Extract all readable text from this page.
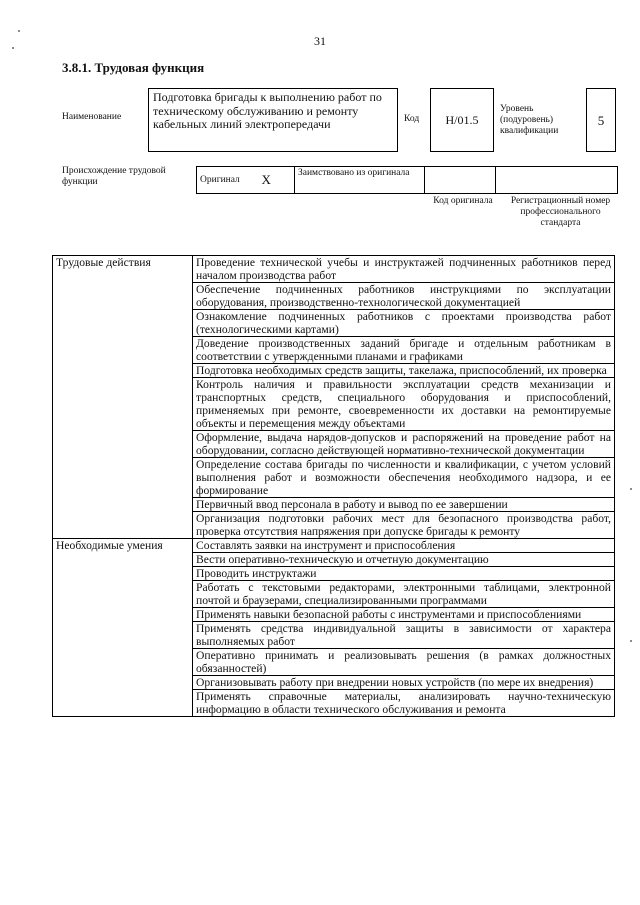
31
3.8.1. Трудовая функция
Наименование
Подготовка бригады к выполнению работ по техническому обслуживанию и ремонту кабельных линий электропередачи	Код	H/01.5
Уровень (подуровень) квалификации
5
Происхождение трудовой функции	Оригинал	X	Заимствовано из оригинала		
Код оригинала	Регистрационный номер профессионального стандарта
Трудовые действия	Проведение технической учебы и инструктажей подчиненных работников перед началом производства работ
	Обеспечение подчиненных работников инструкциями по эксплуатации оборудования, производственно-технологической документацией
	Ознакомление подчиненных работников с проектами производства работ (технологическими картами)
	Доведение производственных заданий бригаде и отдельным работникам в соответствии с утвержденными планами и графиками
	Подготовка необходимых средств защиты, такелажа, приспособлений, их проверка
	Контроль наличия и правильности эксплуатации средств механизации и транспортных средств, специального оборудования и приспособлений, применяемых при ремонте, своевременности их доставки на ремонтируемые объекты и перемещения между объектами
	Оформление, выдача нарядов-допусков и распоряжений на проведение работ на оборудовании, согласно действующей нормативно-технической документации
	Определение состава бригады по численности и квалификации, с учетом условий выполнения работ и возможности обеспечения необходимого надзора, и ее формирование
	Первичный ввод персонала в работу и вывод по ее завершении
	Организация подготовки рабочих мест для безопасного производства работ, проверка отсутствия напряжения при допуске бригады к ремонту
Необходимые умения	Составлять заявки на инструмент и приспособления
	Вести оперативно-техническую и отчетную документацию
	Проводить инструктажи
	Работать с текстовыми редакторами, электронными таблицами, электронной почтой и браузерами, специализированными программами
	Применять навыки безопасной работы с инструментами и приспособлениями
	Применять средства индивидуальной защиты в зависимости от характера выполняемых работ
	Оперативно принимать и реализовывать решения (в рамках должностных обязанностей)
	Организовывать работу при внедрении новых устройств (по мере их внедрения)
	Применять справочные материалы, анализировать научно-техническую информацию в области технического обслуживания и ремонта
